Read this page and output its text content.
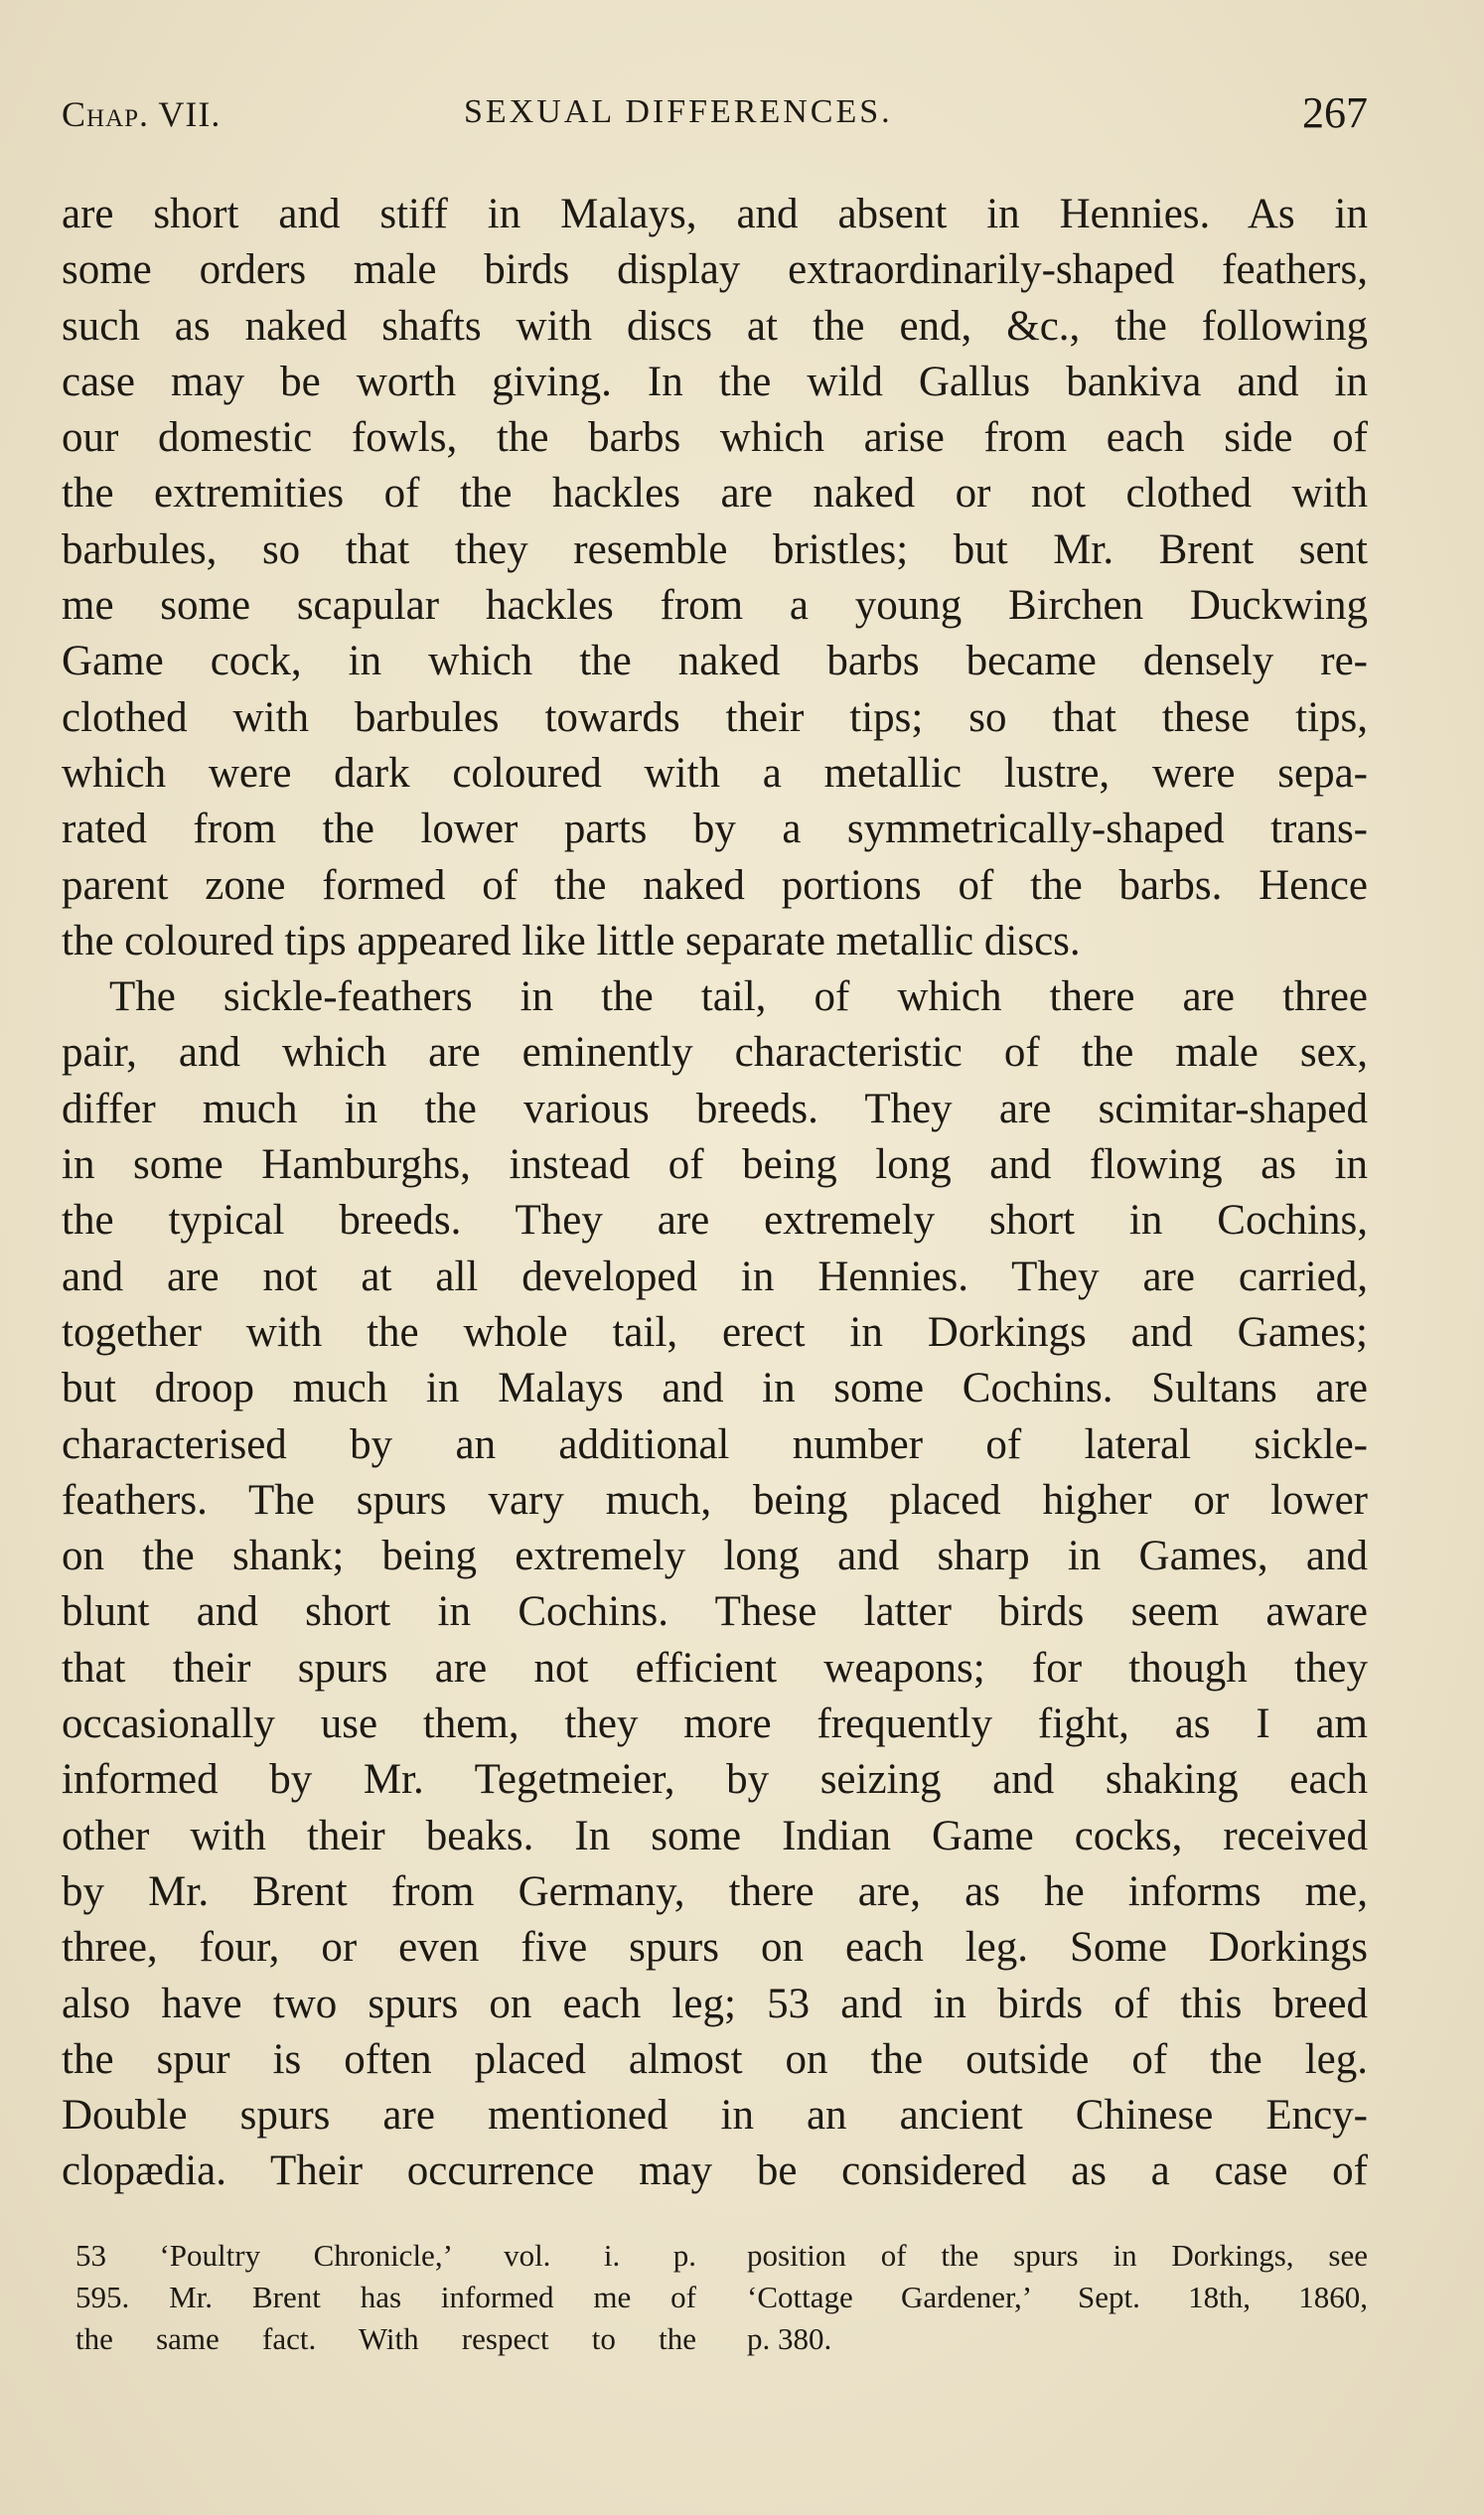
Chap. VII.	SEXUAL DIFFERENCES.	267
are short and stiff in Malays, and absent in Hennies. As in
some orders male birds display extraordinarily-shaped feathers,
such as naked shafts with discs at the end, &c., the following
case may be worth giving. In the wild Gallus bankiva and in
our domestic fowls, the barbs which arise from each side of
the extremities of the hackles are naked or not clothed with
barbules, so that they resemble bristles; but Mr. Brent sent
me some scapular hackles from a young Birchen Duckwing
Game cock, in which the naked barbs became densely re-
clothed with barbules towards their tips; so that these tips,
which were dark coloured with a metallic lustre, were sepa-
rated from the lower parts by a symmetrically-shaped trans-
parent zone formed of the naked portions of the barbs. Hence
the coloured tips appeared like little separate metallic discs.
The sickle-feathers in the tail, of which there are three
pair, and which are eminently characteristic of the male sex,
differ much in the various breeds. They are scimitar-shaped
in some Hamburghs, instead of being long and flowing as in
the typical breeds. They are extremely short in Cochins,
and are not at all developed in Hennies. They are carried,
together with the whole tail, erect in Dorkings and Games;
but droop much in Malays and in some Cochins. Sultans are
characterised by an additional number of lateral sickle-
feathers. The spurs vary much, being placed higher or lower
on the shank; being extremely long and sharp in Games, and
blunt and short in Cochins. These latter birds seem aware
that their spurs are not efficient weapons; for though they
occasionally use them, they more frequently fight, as I am
informed by Mr. Tegetmeier, by seizing and shaking each
other with their beaks. In some Indian Game cocks, received
by Mr. Brent from Germany, there are, as he informs me,
three, four, or even five spurs on each leg. Some Dorkings
also have two spurs on each leg; 53 and in birds of this breed
the spur is often placed almost on the outside of the leg.
Double spurs are mentioned in an ancient Chinese Ency-
clopædia. Their occurrence may be considered as a case of
53 ‘Poultry Chronicle,’ vol. i. p.
595. Mr. Brent has informed me of
the same fact. With respect to the
position of the spurs in Dorkings, see
‘Cottage Gardener,’ Sept. 18th, 1860,
p. 380.
